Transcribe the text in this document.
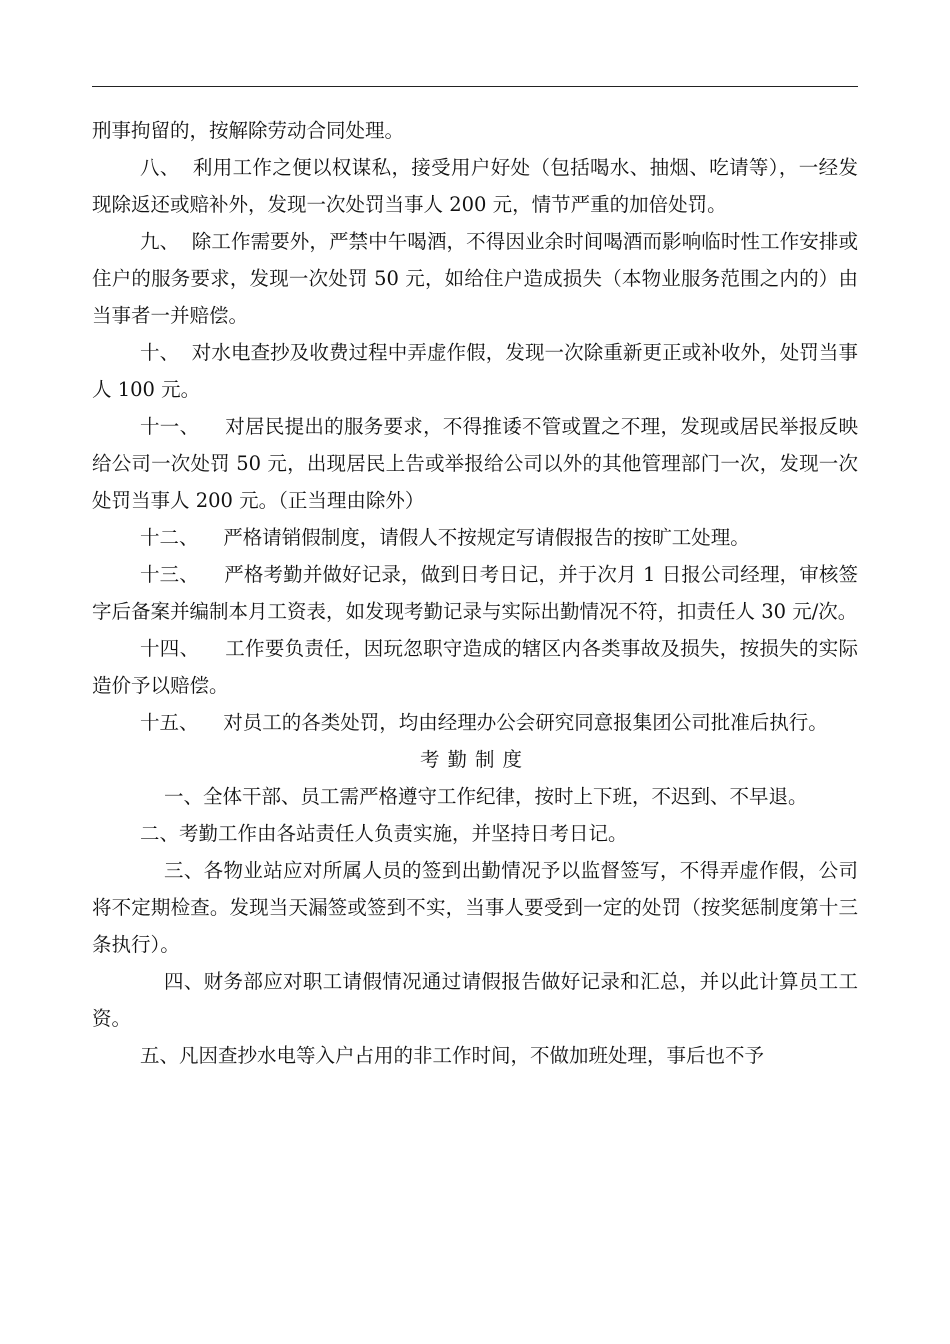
刑事拘留的，按解除劳动合同处理。

八、  利用工作之便以权谋私，接受用户好处（包括喝水、抽烟、吃请等），一经发现除返还或赔补外，发现一次处罚当事人 200 元，情节严重的加倍处罚。

九、  除工作需要外，严禁中午喝酒，不得因业余时间喝酒而影响临时性工作安排或住户的服务要求，发现一次处罚 50 元，如给住户造成损失（本物业服务范围之内的）由当事者一并赔偿。

十、  对水电查抄及收费过程中弄虚作假，发现一次除重新更正或补收外，处罚当事人 100 元。

十一、    对居民提出的服务要求，不得推诿不管或置之不理，发现或居民举报反映给公司一次处罚 50 元，出现居民上告或举报给公司以外的其他管理部门一次，发现一次处罚当事人 200 元。（正当理由除外）

十二、    严格请销假制度，请假人不按规定写请假报告的按旷工处理。

十三、    严格考勤并做好记录，做到日考日记，并于次月 1 日报公司经理，审核签字后备案并编制本月工资表，如发现考勤记录与实际出勤情况不符，扣责任人 30 元/次。

十四、    工作要负责任，因玩忽职守造成的辖区内各类事故及损失，按损失的实际造价予以赔偿。

十五、    对员工的各类处罚，均由经理办公会研究同意报集团公司批准后执行。

考勤制度

一、全体干部、员工需严格遵守工作纪律，按时上下班，不迟到、不早退。

二、考勤工作由各站责任人负责实施，并坚持日考日记。

三、各物业站应对所属人员的签到出勤情况予以监督签写，不得弄虚作假，公司将不定期检查。发现当天漏签或签到不实，当事人要受到一定的处罚（按奖惩制度第十三条执行）。

四、财务部应对职工请假情况通过请假报告做好记录和汇总，并以此计算员工工资。

五、凡因查抄水电等入户占用的非工作时间，不做加班处理，事后也不予
